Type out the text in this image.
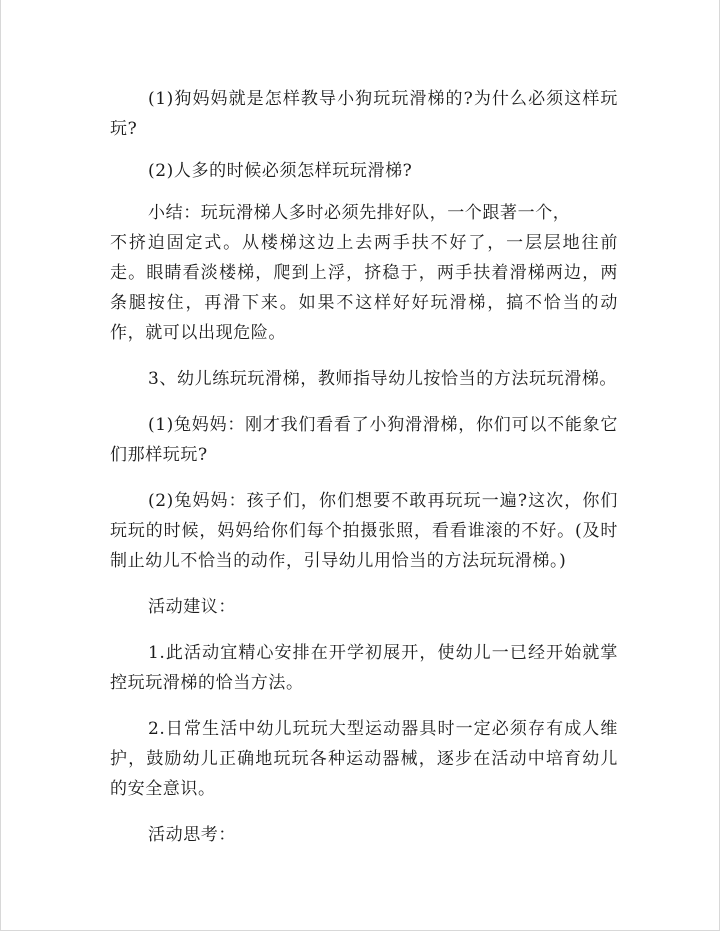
(1)狗妈妈就是怎样教导小狗玩玩滑梯的?为什么必须这样玩玩?

(2)人多的时候必须怎样玩玩滑梯?

小结：玩玩滑梯人多时必须先排好队，一个跟著一个，
不挤迫固定式。从楼梯这边上去两手扶不好了，一层层地往前走。眼睛看淡楼梯，爬到上浮，挤稳于，两手扶着滑梯两边，两条腿按住，再滑下来。如果不这样好好玩滑梯，搞不恰当的动作，就可以出现危险。

3、幼儿练玩玩滑梯，教师指导幼儿按恰当的方法玩玩滑梯。

(1)兔妈妈：刚才我们看看了小狗滑滑梯，你们可以不能象它们那样玩玩?

(2)兔妈妈：孩子们，你们想要不敢再玩玩一遍?这次，你们玩玩的时候，妈妈给你们每个拍摄张照，看看谁滚的不好。(及时制止幼儿不恰当的动作，引导幼儿用恰当的方法玩玩滑梯。)

活动建议：

1.此活动宜精心安排在开学初展开，使幼儿一已经开始就掌控玩玩滑梯的恰当方法。

2.日常生活中幼儿玩玩大型运动器具时一定必须存有成人维护，鼓励幼儿正确地玩玩各种运动器械，逐步在活动中培育幼儿的安全意识。

活动思考：
